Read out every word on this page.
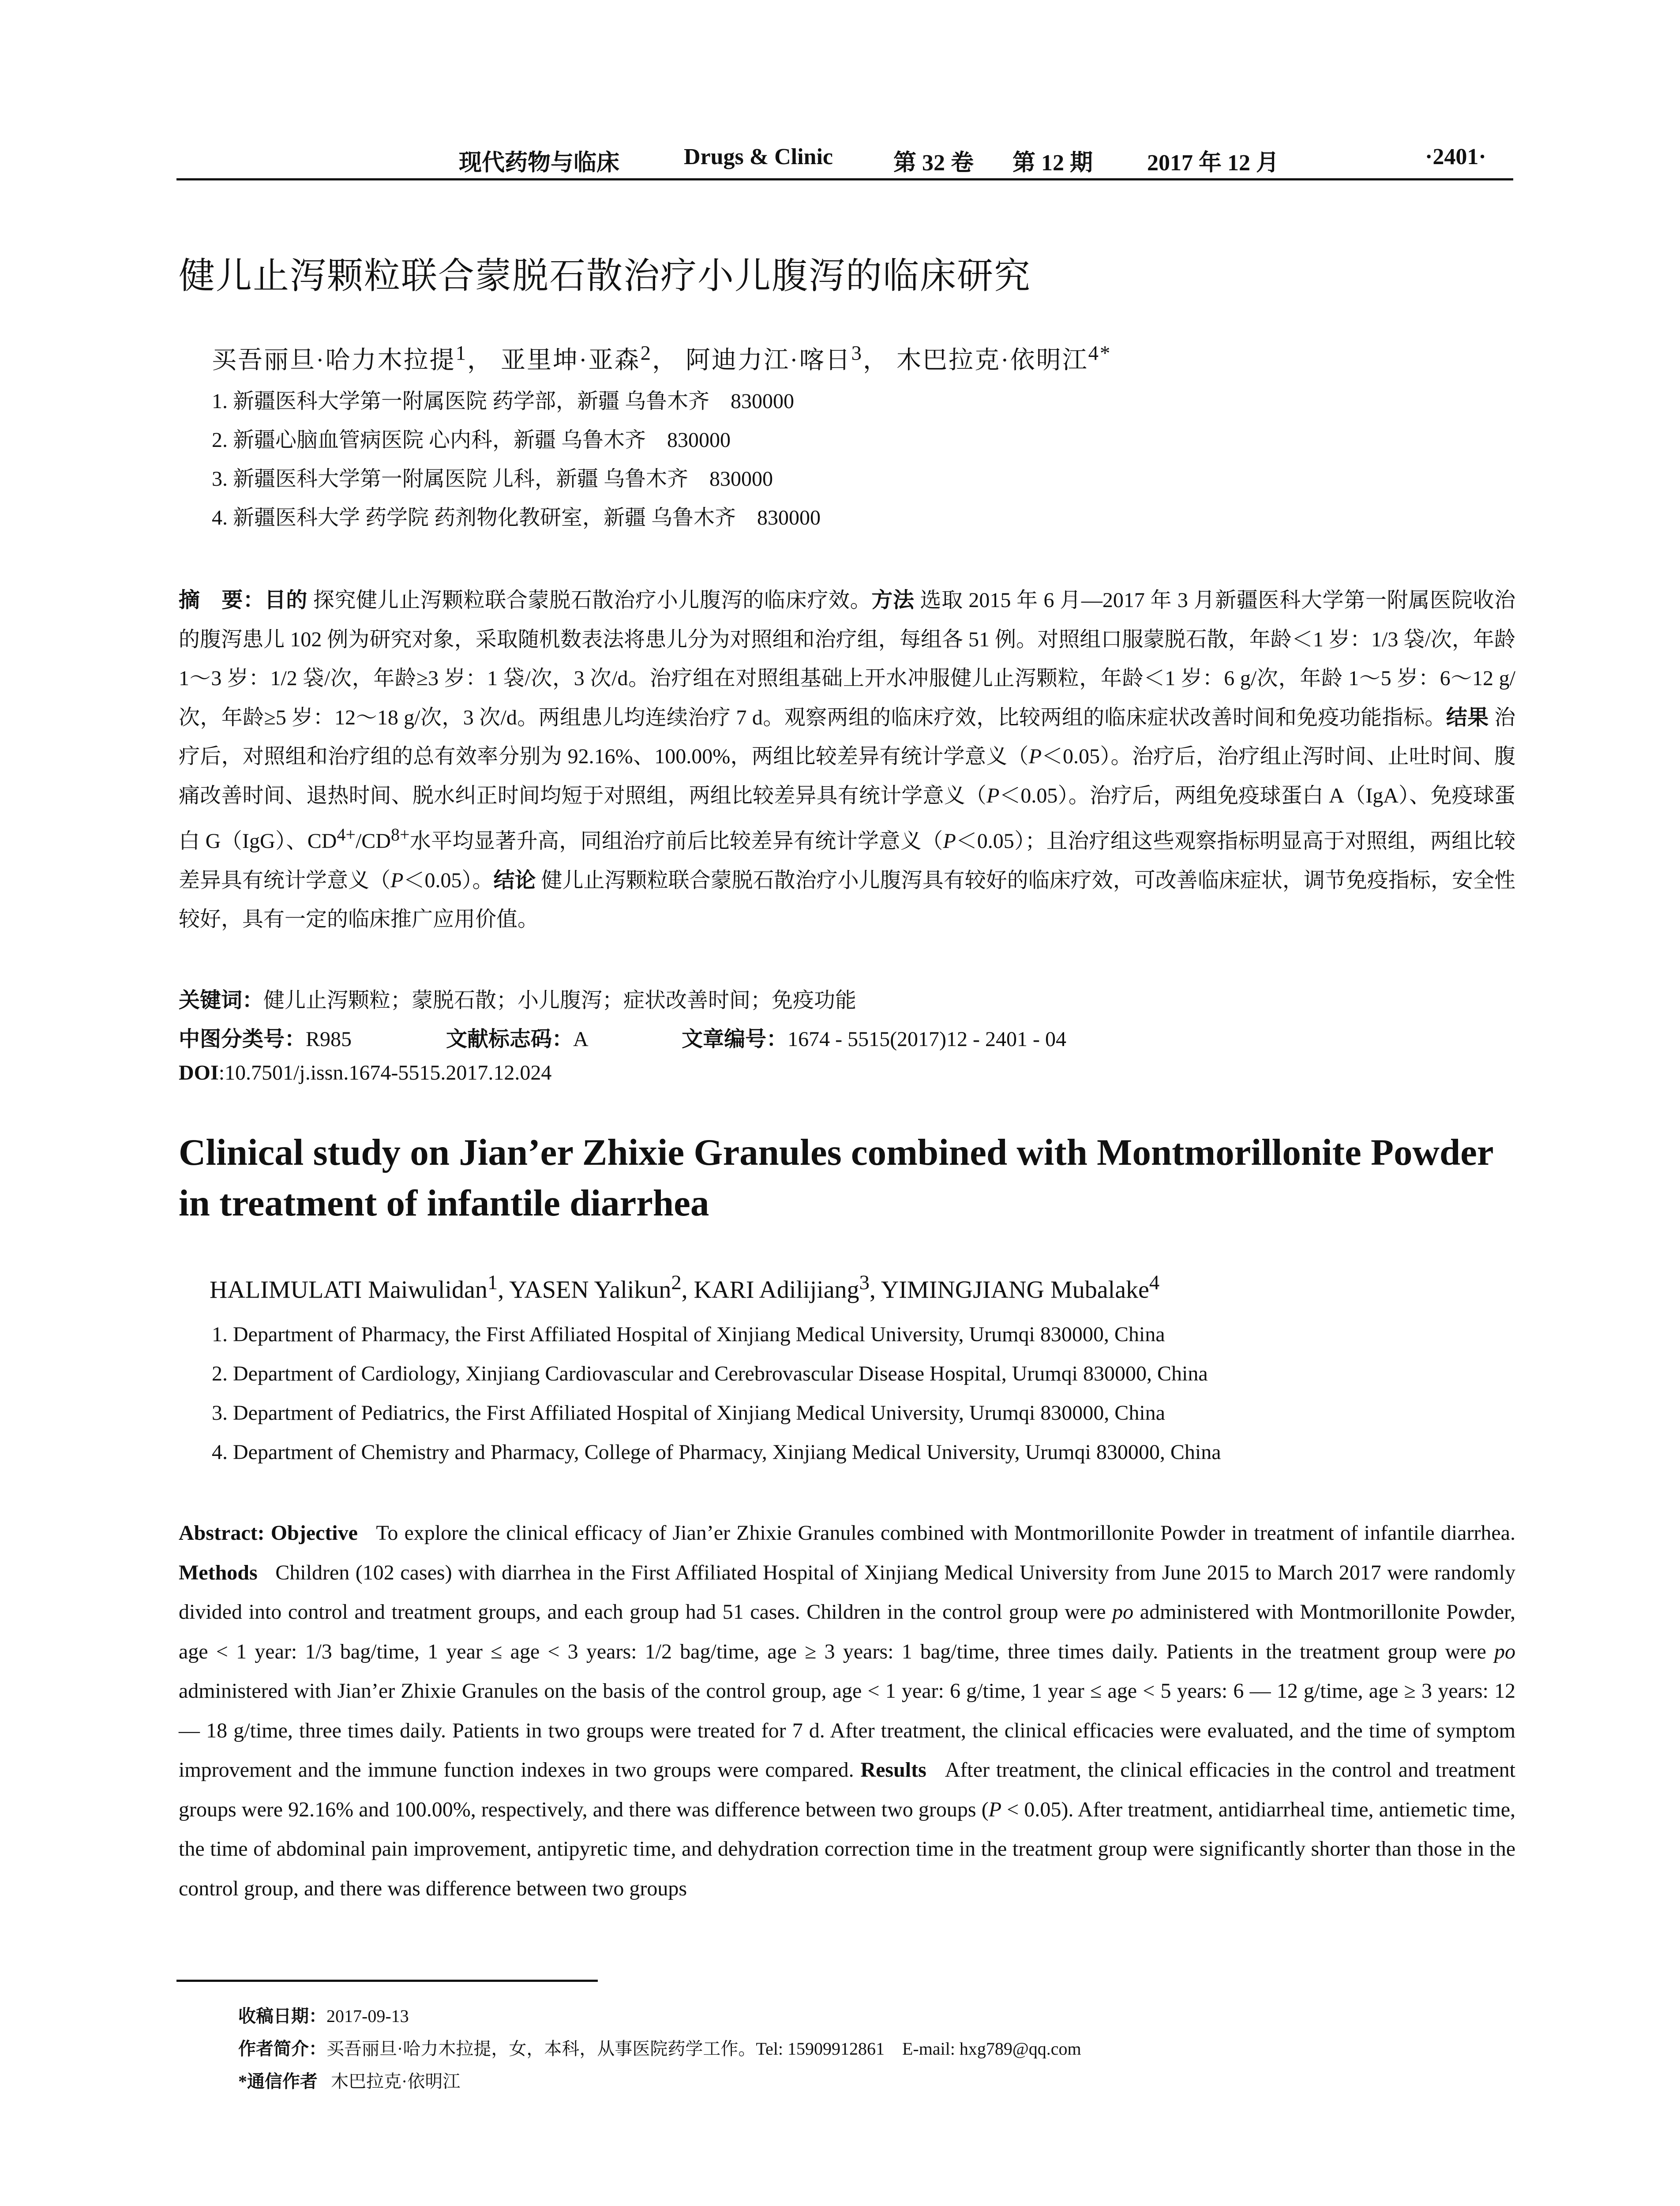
现代药物与临床	Drugs & Clinic	第 32 卷 第 12 期 2017 年 12 月	·2401·
健儿止泻颗粒联合蒙脱石散治疗小儿腹泻的临床研究
买吾丽旦·哈力木拉提$^1$， 亚里坤·亚森$^2$， 阿迪力江·喀日$^3$， 木巴拉克·依明江$^{4*}$
1. 新疆医科大学第一附属医院 药学部，新疆 乌鲁木齐　830000
2. 新疆心脑血管病医院 心内科，新疆 乌鲁木齐　830000
3. 新疆医科大学第一附属医院 儿科，新疆 乌鲁木齐　830000
4. 新疆医科大学 药学院 药剂物化教研室，新疆 乌鲁木齐　830000
摘　要：目的 探究健儿止泻颗粒联合蒙脱石散治疗小儿腹泻的临床疗效。方法 选取 2015 年 6 月—2017 年 3 月新疆医科大学第一附属医院收治的腹泻患儿 102 例为研究对象，采取随机数表法将患儿分为对照组和治疗组，每组各 51 例。对照组口服蒙脱石散，年龄＜1 岁：1/3 袋/次，年龄 1～3 岁：1/2 袋/次，年龄≥3 岁：1 袋/次，3 次/d。治疗组在对照组基础上开水冲服健儿止泻颗粒，年龄＜1 岁：6 g/次，年龄 1～5 岁：6～12 g/次，年龄≥5 岁：12～18 g/次，3 次/d。两组患儿均连续治疗 7 d。观察两组的临床疗效，比较两组的临床症状改善时间和免疫功能指标。结果 治疗后，对照组和治疗组的总有效率分别为 92.16%、100.00%，两组比较差异有统计学意义（P＜0.05）。治疗后，治疗组止泻时间、止吐时间、腹痛改善时间、退热时间、脱水纠正时间均短于对照组，两组比较差异具有统计学意义（P＜0.05）。治疗后，两组免疫球蛋白 A（IgA）、免疫球蛋白 G（IgG）、$CD^{4+}/CD^{8+}$水平均显著升高，同组治疗前后比较差异有统计学意义（P＜0.05）；且治疗组这些观察指标明显高于对照组，两组比较差异具有统计学意义（P＜0.05）。结论 健儿止泻颗粒联合蒙脱石散治疗小儿腹泻具有较好的临床疗效，可改善临床症状，调节免疫指标，安全性较好，具有一定的临床推广应用价值。
关键词：健儿止泻颗粒；蒙脱石散；小儿腹泻；症状改善时间；免疫功能
中图分类号：R985	文献标志码：A	文章编号：1674 - 5515(2017)12 - 2401 - 04
DOI:10.7501/j.issn.1674-5515.2017.12.024
Clinical study on Jian’er Zhixie Granules combined with Montmorillonite Powder in treatment of infantile diarrhea
HALIMULATI Maiwulidan$^1$, YASEN Yalikun$^2$, KARI Adilijiang$^3$, YIMINGJIANG Mubalake$^4$
1. Department of Pharmacy, the First Affiliated Hospital of Xinjiang Medical University, Urumqi 830000, China
2. Department of Cardiology, Xinjiang Cardiovascular and Cerebrovascular Disease Hospital, Urumqi 830000, China
3. Department of Pediatrics, the First Affiliated Hospital of Xinjiang Medical University, Urumqi 830000, China
4. Department of Chemistry and Pharmacy, College of Pharmacy, Xinjiang Medical University, Urumqi 830000, China
Abstract: Objective To explore the clinical efficacy of Jian’er Zhixie Granules combined with Montmorillonite Powder in treatment of infantile diarrhea. Methods Children (102 cases) with diarrhea in the First Affiliated Hospital of Xinjiang Medical University from June 2015 to March 2017 were randomly divided into control and treatment groups, and each group had 51 cases. Children in the control group were po administered with Montmorillonite Powder, age < 1 year: 1/3 bag/time, 1 year ≤ age < 3 years: 1/2 bag/time, age ≥ 3 years: 1 bag/time, three times daily. Patients in the treatment group were po administered with Jian’er Zhixie Granules on the basis of the control group, age < 1 year: 6 g/time, 1 year ≤ age < 5 years: 6 — 12 g/time, age ≥ 3 years: 12 — 18 g/time, three times daily. Patients in two groups were treated for 7 d. After treatment, the clinical efficacies were evaluated, and the time of symptom improvement and the immune function indexes in two groups were compared. Results After treatment, the clinical efficacies in the control and treatment groups were 92.16% and 100.00%, respectively, and there was difference between two groups (P < 0.05). After treatment, antidiarrheal time, antiemetic time, the time of abdominal pain improvement, antipyretic time, and dehydration correction time in the treatment group were significantly shorter than those in the control group, and there was difference between two groups
收稿日期：2017-09-13
作者简介：买吾丽旦·哈力木拉提，女，本科，从事医院药学工作。Tel: 15909912861　E-mail: hxg789@qq.com
*通信作者 木巴拉克·依明江
